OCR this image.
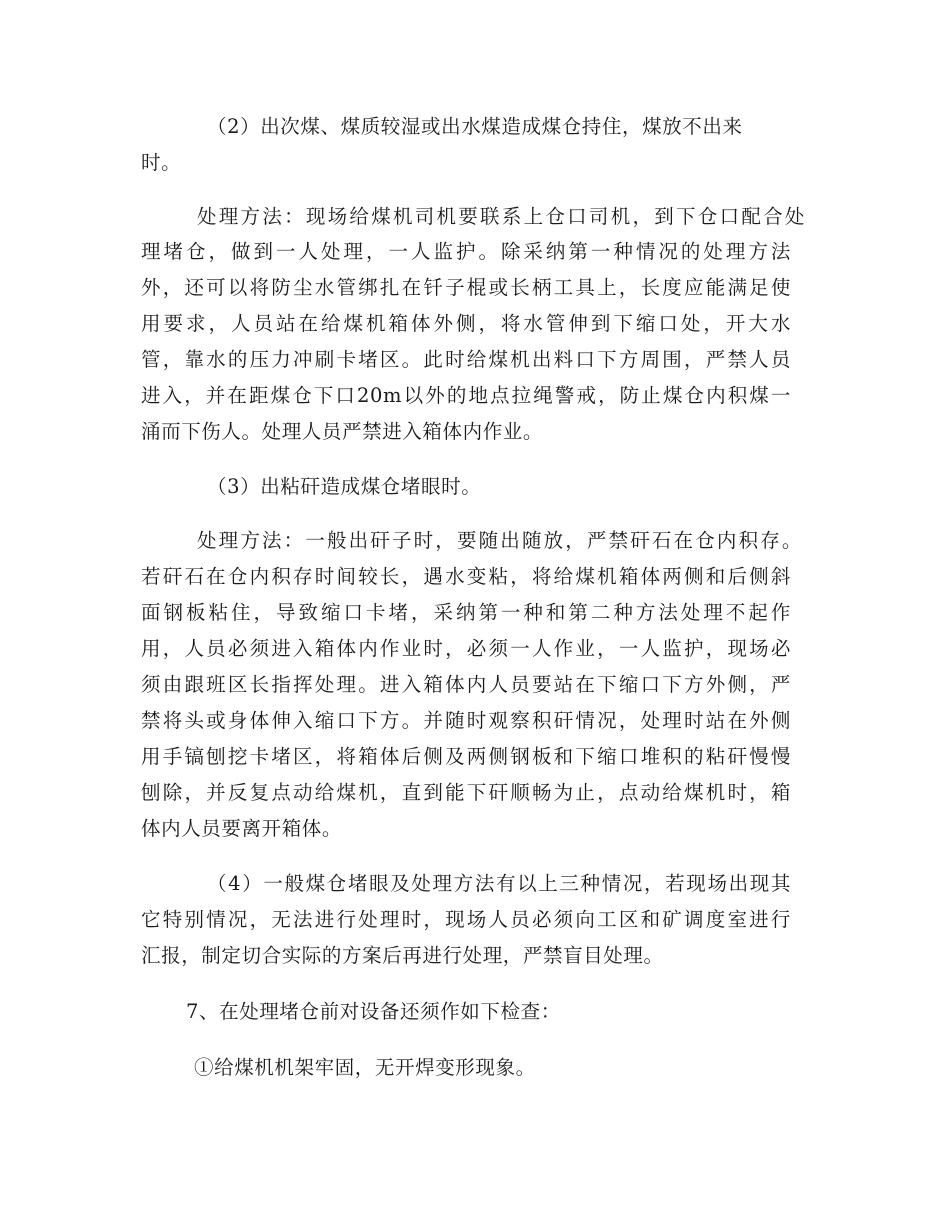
（2）出次煤、煤质较湿或出水煤造成煤仓持住，煤放不出来
时。
处理方法：现场给煤机司机要联系上仓口司机，到下仓口配合处
理堵仓，做到一人处理，一人监护。除采纳第一种情况的处理方法
外，还可以将防尘水管绑扎在钎子棍或长柄工具上，长度应能满足使
用要求，人员站在给煤机箱体外侧，将水管伸到下缩口处，开大水
管，靠水的压力冲刷卡堵区。此时给煤机出料口下方周围，严禁人员
进入，并在距煤仓下口20m以外的地点拉绳警戒，防止煤仓内积煤一
涌而下伤人。处理人员严禁进入箱体内作业。
（3）出粘矸造成煤仓堵眼时。
处理方法：一般出矸子时，要随出随放，严禁矸石在仓内积存。
若矸石在仓内积存时间较长，遇水变粘，将给煤机箱体两侧和后侧斜
面钢板粘住，导致缩口卡堵，采纳第一种和第二种方法处理不起作
用，人员必须进入箱体内作业时，必须一人作业，一人监护，现场必
须由跟班区长指挥处理。进入箱体内人员要站在下缩口下方外侧，严
禁将头或身体伸入缩口下方。并随时观察积矸情况，处理时站在外侧
用手镐刨挖卡堵区，将箱体后侧及两侧钢板和下缩口堆积的粘矸慢慢
刨除，并反复点动给煤机，直到能下矸顺畅为止，点动给煤机时，箱
体内人员要离开箱体。
（4）一般煤仓堵眼及处理方法有以上三种情况，若现场出现其
它特别情况，无法进行处理时，现场人员必须向工区和矿调度室进行
汇报，制定切合实际的方案后再进行处理，严禁盲目处理。
7、在处理堵仓前对设备还须作如下检查：
①给煤机机架牢固，无开焊变形现象。
